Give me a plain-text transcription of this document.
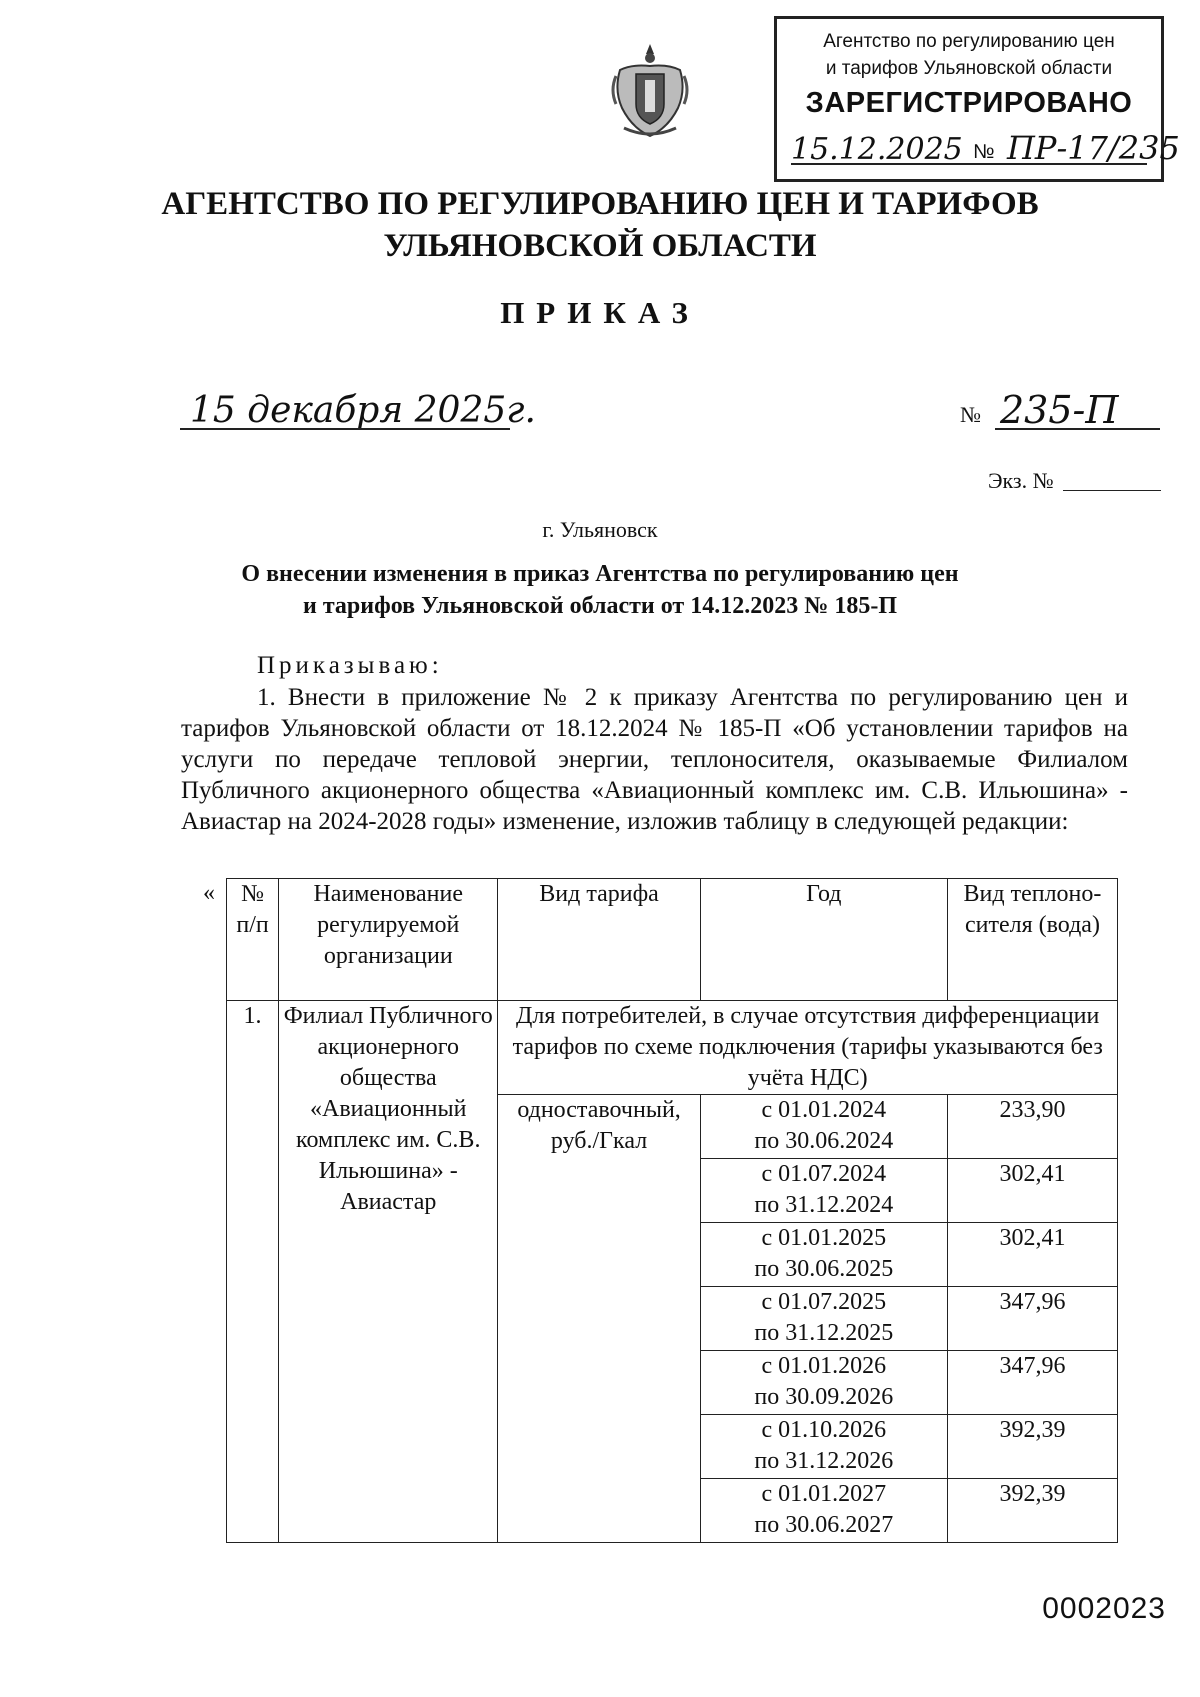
Агентство по регулированию цен
и тарифов Ульяновской области
ЗАРЕГИСТРИРОВАНО
15.12.2025 № ПР-17/235
АГЕНТСТВО ПО РЕГУЛИРОВАНИЮ ЦЕН И ТАРИФОВ
УЛЬЯНОВСКОЙ ОБЛАСТИ
ПРИКАЗ
15 декабря 2025г.	№ 235-П
Экз. №
г. Ульяновск
О внесении изменения в приказ Агентства по регулированию цен
и тарифов Ульяновской области от 14.12.2023 № 185-П
Приказываю:
1. Внести в приложение № 2 к приказу Агентства по регулированию цен и тарифов Ульяновской области от 18.12.2024 № 185-П «Об установлении тарифов на услуги по передаче тепловой энергии, теплоносителя, оказываемые Филиалом Публичного акционерного общества «Авиационный комплекс им. С.В. Ильюшина» - Авиастар на 2024-2028 годы» изменение, изложив таблицу в следующей редакции:
« № п/п	Наименование регулируемой организации	Вид тарифа	Год	Вид теплоно-сителя (вода)
1.	Филиал Публичного акционерного общества «Авиационный комплекс им. С.В. Ильюшина» - Авиастар	Для потребителей, в случае отсутствия дифференциации тарифов по схеме подключения (тарифы указываются без учёта НДС)		
		одноставочный, руб./Гкал	с 01.01.2024
по 30.06.2024	233,90

			с 01.07.2024
по 31.12.2024	302,41

			с 01.01.2025
по 30.06.2025	302,41

			с 01.07.2025
по 31.12.2025	347,96

			с 01.01.2026
по 30.09.2026	347,96

			с 01.10.2026
по 31.12.2026	392,39

			с 01.01.2027
по 30.06.2027	392,39
0002023
